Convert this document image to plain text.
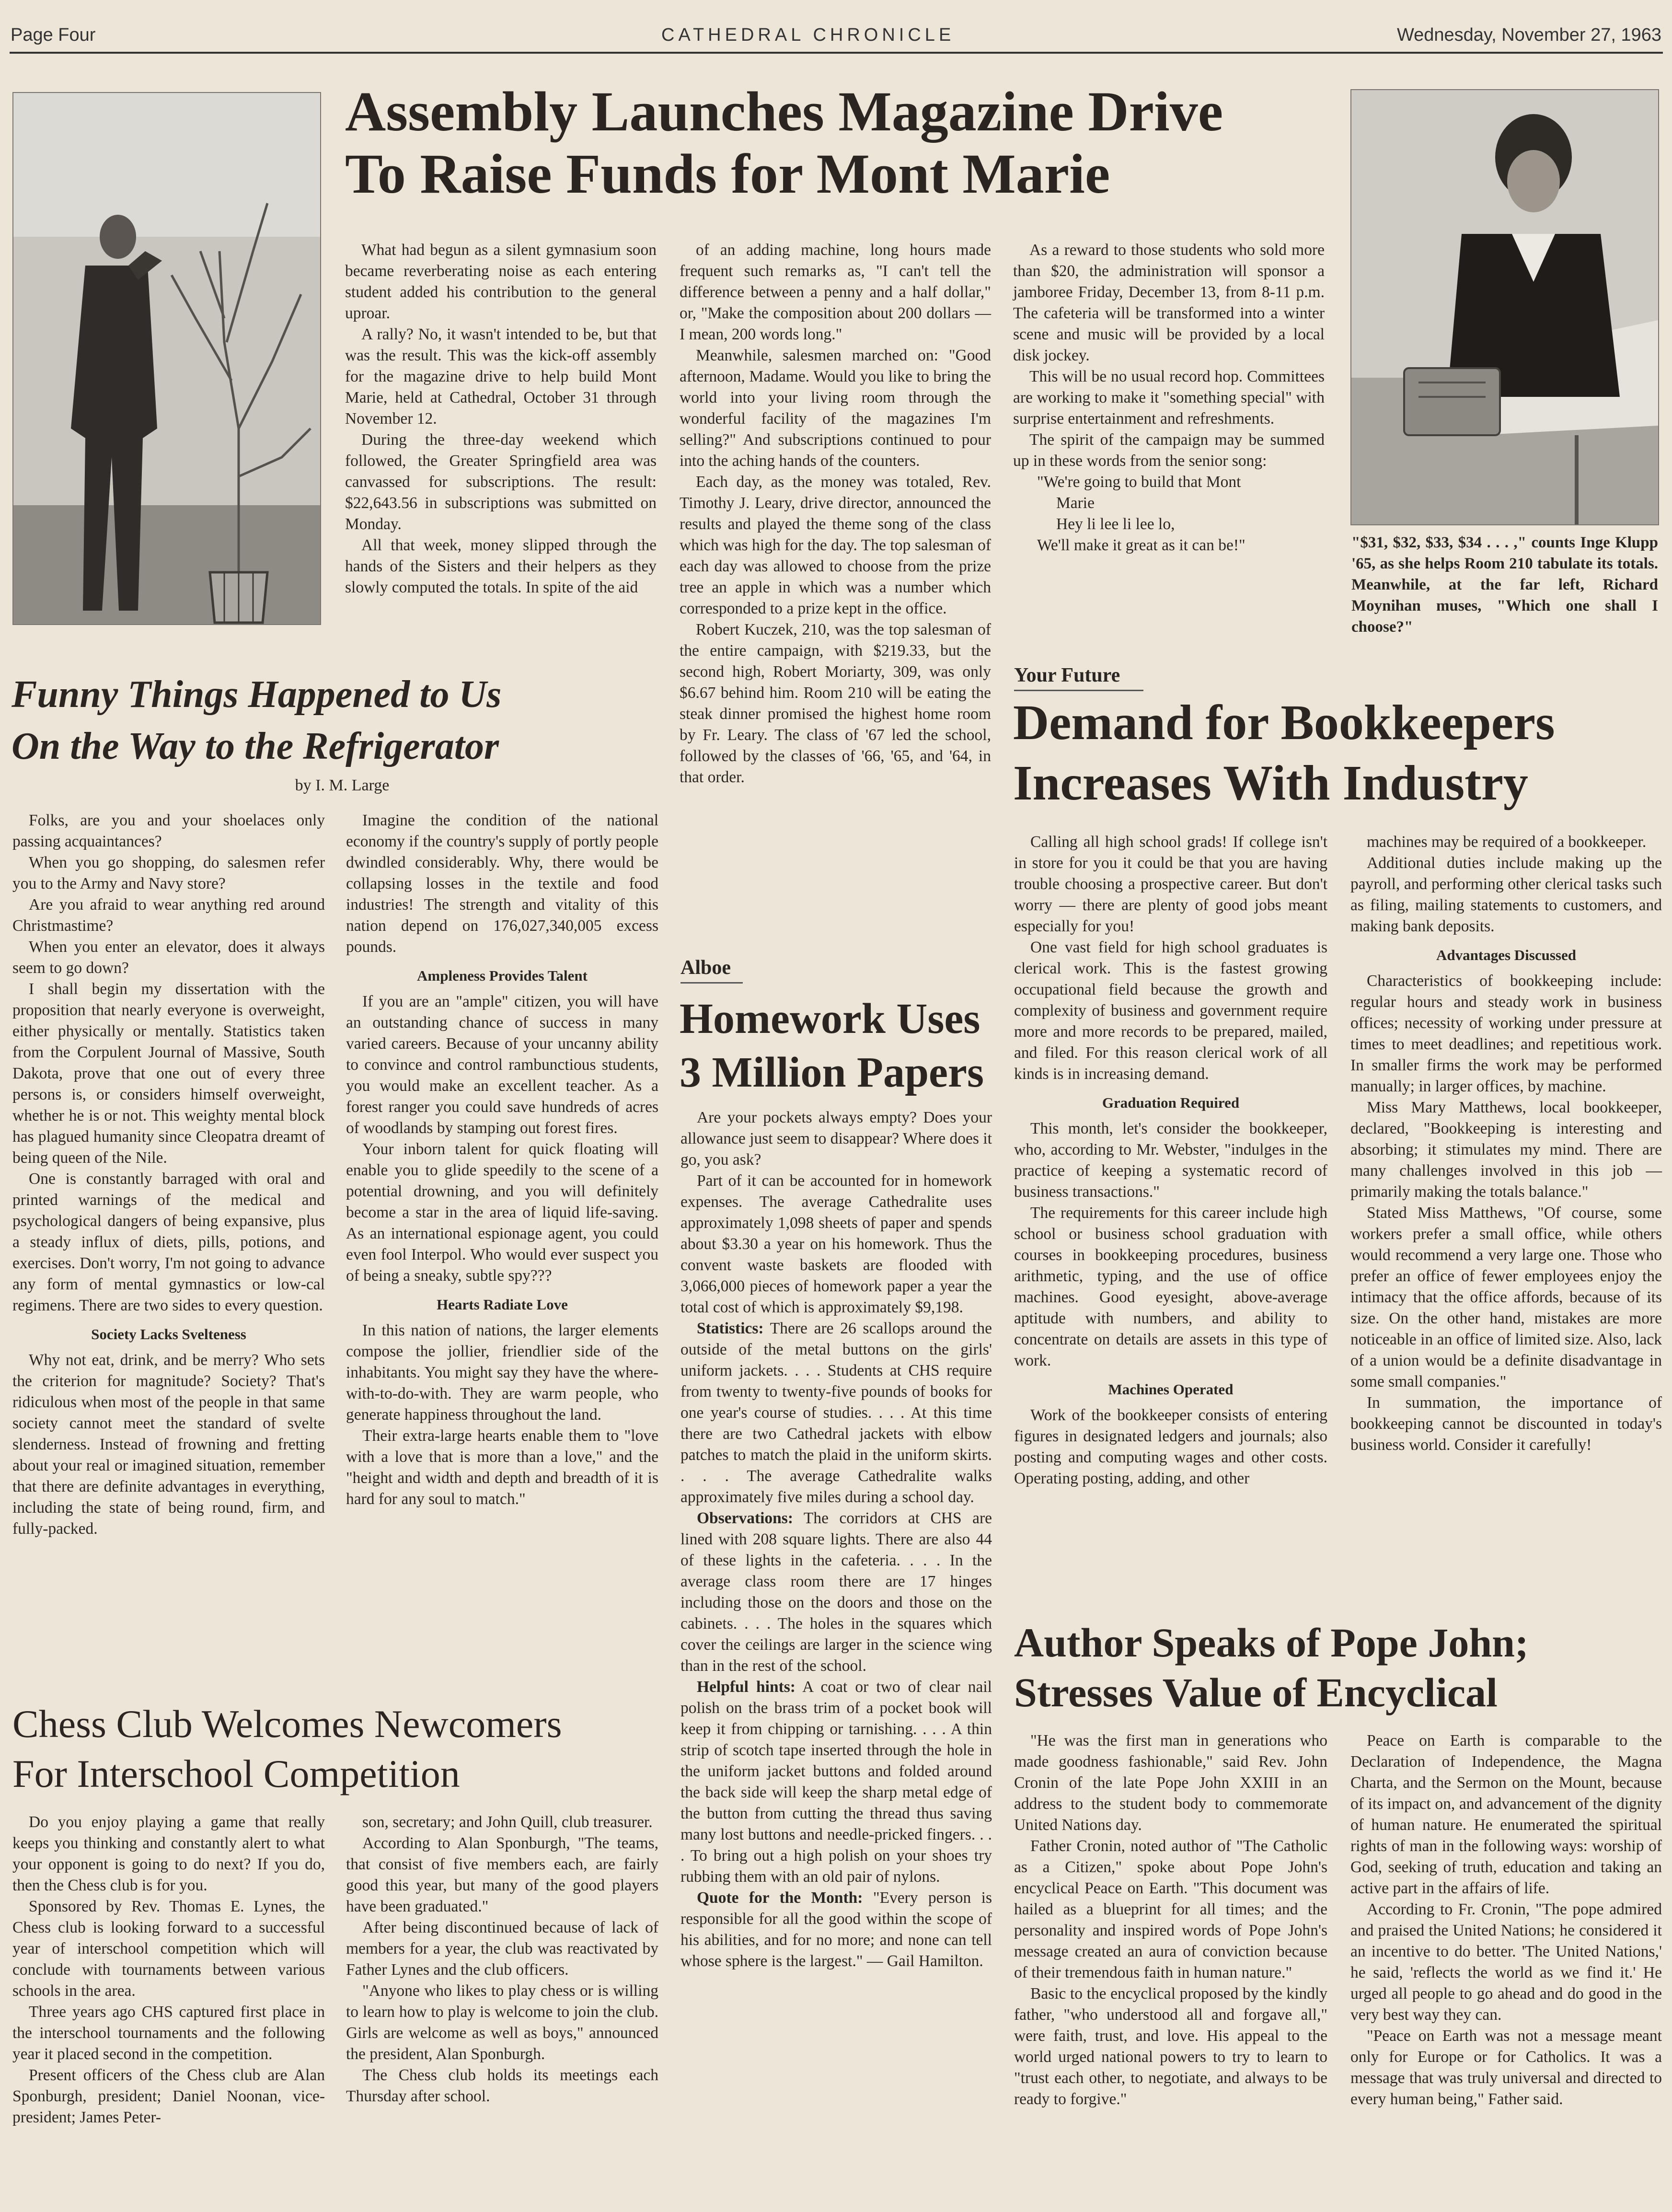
Page Four	CATHEDRAL CHRONICLE	Wednesday, November 27, 1963
Assembly Launches Magazine Drive
To Raise Funds for Mont Marie
"$31, $32, $33, $34 . . . ," counts Inge Klupp '65, as she helps Room 210 tabulate its totals. Meanwhile, at the far left, Richard Moynihan muses, "Which one shall I choose?"

What had begun as a silent gymnasium soon became reverberating noise as each entering student added his contribution to the general uproar.

A rally? No, it wasn't intended to be, but that was the result. This was the kick-off assembly for the magazine drive to help build Mont Marie, held at Cathedral, October 31 through November 12.

During the three-day weekend which followed, the Greater Springfield area was canvassed for subscriptions. The result: $22,643.56 in subscriptions was submitted on Monday.

All that week, money slipped through the hands of the Sisters and their helpers as they slowly computed the totals. In spite of the aid

of an adding machine, long hours made frequent such remarks as, "I can't tell the difference between a penny and a half dollar," or, "Make the composition about 200 dollars — I mean, 200 words long."

Meanwhile, salesmen marched on: "Good afternoon, Madame. Would you like to bring the world into your living room through the wonderful facility of the magazines I'm selling?" And subscriptions continued to pour into the aching hands of the counters.

Each day, as the money was totaled, Rev. Timothy J. Leary, drive director, announced the results and played the theme song of the class which was high for the day. The top salesman of each day was allowed to choose from the prize tree an apple in which was a number which corresponded to a prize kept in the office.

Robert Kuczek, 210, was the top salesman of the entire campaign, with $219.33, but the second high, Robert Moriarty, 309, was only $6.67 behind him. Room 210 will be eating the steak dinner promised the highest home room by Fr. Leary. The class of '67 led the school, followed by the classes of '66, '65, and '64, in that order.

As a reward to those students who sold more than $20, the administration will sponsor a jamboree Friday, December 13, from 8-11 p.m. The cafeteria will be transformed into a winter scene and music will be provided by a local disk jockey.

This will be no usual record hop. Committees are working to make it "something special" with surprise entertainment and refreshments.

The spirit of the campaign may be summed up in these words from the senior song:

"We're going to build that Mont

Marie

Hey li lee li lee lo,

We'll make it great as it can be!"

Funny Things Happened to Us
On the Way to the Refrigerator
by I. M. Large

Folks, are you and your shoelaces only passing acquaintances?

When you go shopping, do salesmen refer you to the Army and Navy store?

Are you afraid to wear anything red around Christmastime?

When you enter an elevator, does it always seem to go down?

I shall begin my dissertation with the proposition that nearly everyone is overweight, either physically or mentally. Statistics taken from the Corpulent Journal of Massive, South Dakota, prove that one out of every three persons is, or considers himself overweight, whether he is or not. This weighty mental block has plagued humanity since Cleopatra dreamt of being queen of the Nile.

One is constantly barraged with oral and printed warnings of the medical and psychological dangers of being expansive, plus a steady influx of diets, pills, potions, and exercises. Don't worry, I'm not going to advance any form of mental gymnastics or low-cal regimens. There are two sides to every question.

Society Lacks Svelteness

Why not eat, drink, and be merry? Who sets the criterion for magnitude? Society? That's ridiculous when most of the people in that same society cannot meet the standard of svelte slenderness. Instead of frowning and fretting about your real or imagined situation, remember that there are definite advantages in everything, including the state of being round, firm, and fully-packed.

Imagine the condition of the national economy if the country's supply of portly people dwindled considerably. Why, there would be collapsing losses in the textile and food industries! The strength and vitality of this nation depend on 176,027,340,005 excess pounds.

Ampleness Provides Talent

If you are an "ample" citizen, you will have an outstanding chance of success in many varied careers. Because of your uncanny ability to convince and control rambunctious students, you would make an excellent teacher. As a forest ranger you could save hundreds of acres of woodlands by stamping out forest fires.

Your inborn talent for quick floating will enable you to glide speedily to the scene of a potential drowning, and you will definitely become a star in the area of liquid life-saving. As an international espionage agent, you could even fool Interpol. Who would ever suspect you of being a sneaky, subtle spy???

Hearts Radiate Love

In this nation of nations, the larger elements compose the jollier, friendlier side of the inhabitants. You might say they have the where-with-to-do-with. They are warm people, who generate happiness throughout the land.

Their extra-large hearts enable them to "love with a love that is more than a love," and the "height and width and depth and breadth of it is hard for any soul to match."

Alboe
Homework Uses
3 Million Papers

Are your pockets always empty? Does your allowance just seem to disappear? Where does it go, you ask?

Part of it can be accounted for in homework expenses. The average Cathedralite uses approximately 1,098 sheets of paper and spends about $3.30 a year on his homework. Thus the convent waste baskets are flooded with 3,066,000 pieces of homework paper a year the total cost of which is approximately $9,198.

Statistics: There are 26 scallops around the outside of the metal buttons on the girls' uniform jackets. . . . Students at CHS require from twenty to twenty-five pounds of books for one year's course of studies. . . . At this time there are two Cathedral jackets with elbow patches to match the plaid in the uniform skirts. . . . The average Cathedralite walks approximately five miles during a school day.

Observations: The corridors at CHS are lined with 208 square lights. There are also 44 of these lights in the cafeteria. . . . In the average class room there are 17 hinges including those on the doors and those on the cabinets. . . . The holes in the squares which cover the ceilings are larger in the science wing than in the rest of the school.

Helpful hints: A coat or two of clear nail polish on the brass trim of a pocket book will keep it from chipping or tarnishing. . . . A thin strip of scotch tape inserted through the hole in the uniform jacket buttons and folded around the back side will keep the sharp metal edge of the button from cutting the thread thus saving many lost buttons and needle-pricked fingers. . . . To bring out a high polish on your shoes try rubbing them with an old pair of nylons.

Quote for the Month: "Every person is responsible for all the good within the scope of his abilities, and for no more; and none can tell whose sphere is the largest." — Gail Hamilton.

Your Future
Demand for Bookkeepers
Increases With Industry

Calling all high school grads! If college isn't in store for you it could be that you are having trouble choosing a prospective career. But don't worry — there are plenty of good jobs meant especially for you!

One vast field for high school graduates is clerical work. This is the fastest growing occupational field because the growth and complexity of business and government require more and more records to be prepared, mailed, and filed. For this reason clerical work of all kinds is in increasing demand.

Graduation Required

This month, let's consider the bookkeeper, who, according to Mr. Webster, "indulges in the practice of keeping a systematic record of business transactions."

The requirements for this career include high school or business school graduation with courses in bookkeeping procedures, business arithmetic, typing, and the use of office machines. Good eyesight, above-average aptitude with numbers, and ability to concentrate on details are assets in this type of work.

Machines Operated

Work of the bookkeeper consists of entering figures in designated ledgers and journals; also posting and computing wages and other costs. Operating posting, adding, and other

machines may be required of a bookkeeper.

Additional duties include making up the payroll, and performing other clerical tasks such as filing, mailing statements to customers, and making bank deposits.

Advantages Discussed

Characteristics of bookkeeping include: regular hours and steady work in business offices; necessity of working under pressure at times to meet deadlines; and repetitious work. In smaller firms the work may be performed manually; in larger offices, by machine.

Miss Mary Matthews, local bookkeeper, declared, "Bookkeeping is interesting and absorbing; it stimulates my mind. There are many challenges involved in this job — primarily making the totals balance."

Stated Miss Matthews, "Of course, some workers prefer a small office, while others would recommend a very large one. Those who prefer an office of fewer employees enjoy the intimacy that the office affords, because of its size. On the other hand, mistakes are more noticeable in an office of limited size. Also, lack of a union would be a definite disadvantage in some small companies."

In summation, the importance of bookkeeping cannot be discounted in today's business world. Consider it carefully!

Chess Club Welcomes Newcomers
For Interschool Competition

Do you enjoy playing a game that really keeps you thinking and constantly alert to what your opponent is going to do next? If you do, then the Chess club is for you.

Sponsored by Rev. Thomas E. Lynes, the Chess club is looking forward to a successful year of interschool competition which will conclude with tournaments between various schools in the area.

Three years ago CHS captured first place in the interschool tournaments and the following year it placed second in the competition.

Present officers of the Chess club are Alan Sponburgh, president; Daniel Noonan, vice-president; James Peter-

son, secretary; and John Quill, club treasurer.

According to Alan Sponburgh, "The teams, that consist of five members each, are fairly good this year, but many of the good players have been graduated."

After being discontinued because of lack of members for a year, the club was reactivated by Father Lynes and the club officers.

"Anyone who likes to play chess or is willing to learn how to play is welcome to join the club. Girls are welcome as well as boys," announced the president, Alan Sponburgh.

The Chess club holds its meetings each Thursday after school.

Author Speaks of Pope John;
Stresses Value of Encyclical

"He was the first man in generations who made goodness fashionable," said Rev. John Cronin of the late Pope John XXIII in an address to the student body to commemorate United Nations day.

Father Cronin, noted author of "The Catholic as a Citizen," spoke about Pope John's encyclical Peace on Earth. "This document was hailed as a blueprint for all times; and the personality and inspired words of Pope John's message created an aura of conviction because of their tremendous faith in human nature."

Basic to the encyclical proposed by the kindly father, "who understood all and forgave all," were faith, trust, and love. His appeal to the world urged national powers to try to learn to "trust each other, to negotiate, and always to be ready to forgive."

Peace on Earth is comparable to the Declaration of Independence, the Magna Charta, and the Sermon on the Mount, because of its impact on, and advancement of the dignity of human nature. He enumerated the spiritual rights of man in the following ways: worship of God, seeking of truth, education and taking an active part in the affairs of life.

According to Fr. Cronin, "The pope admired and praised the United Nations; he considered it an incentive to do better. 'The United Nations,' he said, 'reflects the world as we find it.' He urged all people to go ahead and do good in the very best way they can.

"Peace on Earth was not a message meant only for Europe or for Catholics. It was a message that was truly universal and directed to every human being," Father said.
